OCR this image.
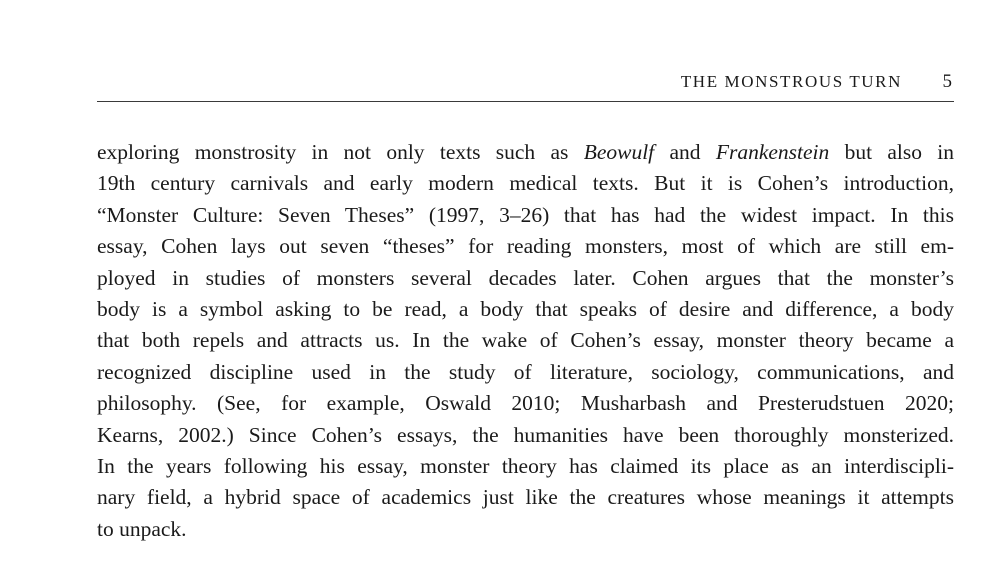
THE MONSTROUS TURN 5
exploring monstrosity in not only texts such as Beowulf and Frankenstein but also in
19th century carnivals and early modern medical texts. But it is Cohen’s introduction,
“Monster Culture: Seven Theses” (1997, 3–26) that has had the widest impact. In this
essay, Cohen lays out seven “theses” for reading monsters, most of which are still em-
ployed in studies of monsters several decades later. Cohen argues that the monster’s
body is a symbol asking to be read, a body that speaks of desire and difference, a body
that both repels and attracts us. In the wake of Cohen’s essay, monster theory became a
recognized discipline used in the study of literature, sociology, communications, and
philosophy. (See, for example, Oswald 2010; Musharbash and Presterudstuen 2020;
Kearns, 2002.) Since Cohen’s essays, the humanities have been thoroughly monsterized.
In the years following his essay, monster theory has claimed its place as an interdiscipli-
nary field, a hybrid space of academics just like the creatures whose meanings it attempts
to unpack.
